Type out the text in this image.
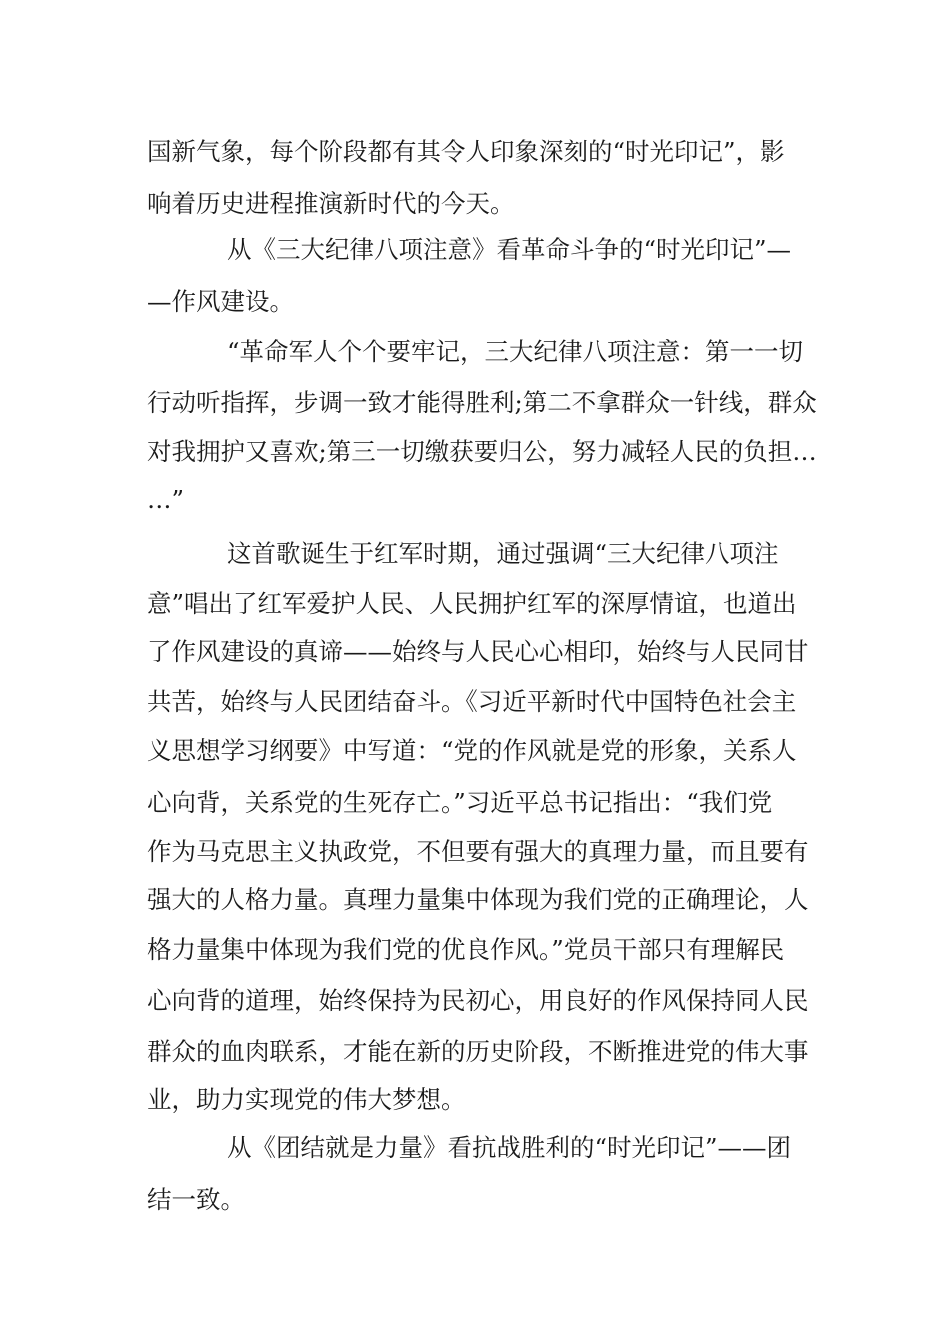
国新气象，每个阶段都有其令人印象深刻的“时光印记”，影
响着历史进程推演新时代的今天。
从《三大纪律八项注意》看革命斗争的“时光印记”—
—作风建设。
“革命军人个个要牢记，三大纪律八项注意：第一一切
行动听指挥，步调一致才能得胜利;第二不拿群众一针线，群众
对我拥护又喜欢;第三一切缴获要归公，努力减轻人民的负担…
…”
这首歌诞生于红军时期，通过强调“三大纪律八项注
意”唱出了红军爱护人民、人民拥护红军的深厚情谊，也道出
了作风建设的真谛——始终与人民心心相印，始终与人民同甘
共苦，始终与人民团结奋斗。《习近平新时代中国特色社会主
义思想学习纲要》中写道：“党的作风就是党的形象，关系人
心向背，关系党的生死存亡。”习近平总书记指出：“我们党
作为马克思主义执政党，不但要有强大的真理力量，而且要有
强大的人格力量。真理力量集中体现为我们党的正确理论，人
格力量集中体现为我们党的优良作风。”党员干部只有理解民
心向背的道理，始终保持为民初心，用良好的作风保持同人民
群众的血肉联系，才能在新的历史阶段，不断推进党的伟大事
业，助力实现党的伟大梦想。
从《团结就是力量》看抗战胜利的“时光印记”——团
结一致。
